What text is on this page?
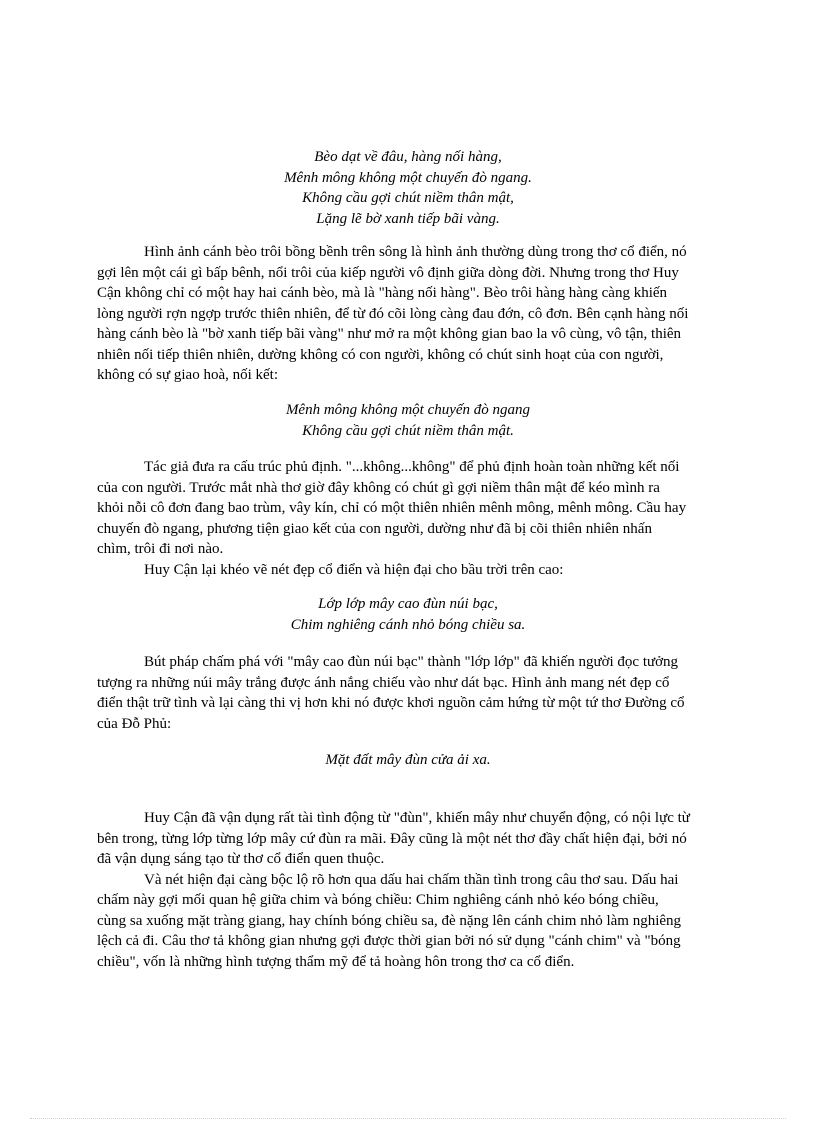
Bèo dạt về đâu, hàng nối hàng,
Mênh mông không một chuyến đò ngang.
Không cầu gợi chút niềm thân mật,
Lặng lẽ bờ xanh tiếp bãi vàng.
Hình ảnh cánh bèo trôi bồng bềnh trên sông là hình ảnh thường dùng trong thơ cổ điển, nó
gợi lên một cái gì bấp bênh, nổi trôi của kiếp người vô định giữa dòng đời. Nhưng trong thơ Huy
Cận không chỉ có một hay hai cánh bèo, mà là "hàng nối hàng". Bèo trôi hàng hàng càng khiến
lòng người rợn ngợp trước thiên nhiên, để từ đó cõi lòng càng đau đớn, cô đơn. Bên cạnh hàng nối
hàng cánh bèo là "bờ xanh tiếp bãi vàng" như mở ra một không gian bao la vô cùng, vô tận, thiên
nhiên nối tiếp thiên nhiên, dường không có con người, không có chút sinh hoạt của con người,
không có sự giao hoà, nối kết:
Mênh mông không một chuyến đò ngang
Không cầu gợi chút niềm thân mật.
Tác giả đưa ra cấu trúc phủ định. "...không...không" để phủ định hoàn toàn những kết nối
của con người. Trước mắt nhà thơ giờ đây không có chút gì gợi niềm thân mật để kéo mình ra
khỏi nỗi cô đơn đang bao trùm, vây kín, chỉ có một thiên nhiên mênh mông, mênh mông. Cầu hay
chuyến đò ngang, phương tiện giao kết của con người, dường như đã bị cõi thiên nhiên nhấn
chìm, trôi đi nơi nào.
Huy Cận lại khéo vẽ nét đẹp cổ điển và hiện đại cho bầu trời trên cao:
Lớp lớp mây cao đùn núi bạc,
Chim nghiêng cánh nhỏ bóng chiều sa.
Bút pháp chấm phá với "mây cao đùn núi bạc" thành "lớp lớp" đã khiến người đọc tưởng
tượng ra những núi mây trắng được ánh nắng chiếu vào như dát bạc. Hình ảnh mang nét đẹp cổ
điển thật trữ tình và lại càng thi vị hơn khi nó được khơi nguồn cảm hứng từ một tứ thơ Đường cổ
của Đỗ Phủ:
Mặt đất mây đùn cửa ải xa.
Huy Cận đã vận dụng rất tài tình động từ "đùn", khiến mây như chuyển động, có nội lực từ
bên trong, từng lớp từng lớp mây cứ đùn ra mãi. Đây cũng là một nét thơ đầy chất hiện đại, bởi nó
đã vận dụng sáng tạo từ thơ cổ điển quen thuộc.
Và nét hiện đại càng bộc lộ rõ hơn qua dấu hai chấm thần tình trong câu thơ sau. Dấu hai
chấm này gợi mối quan hệ giữa chim và bóng chiều: Chim nghiêng cánh nhỏ kéo bóng chiều,
cùng sa xuống mặt tràng giang, hay chính bóng chiều sa, đè nặng lên cánh chim nhỏ làm nghiêng
lệch cả đi. Câu thơ tả không gian nhưng gợi được thời gian bởi nó sử dụng "cánh chim" và "bóng
chiều", vốn là những hình tượng thẩm mỹ để tả hoàng hôn trong thơ ca cổ điển.
